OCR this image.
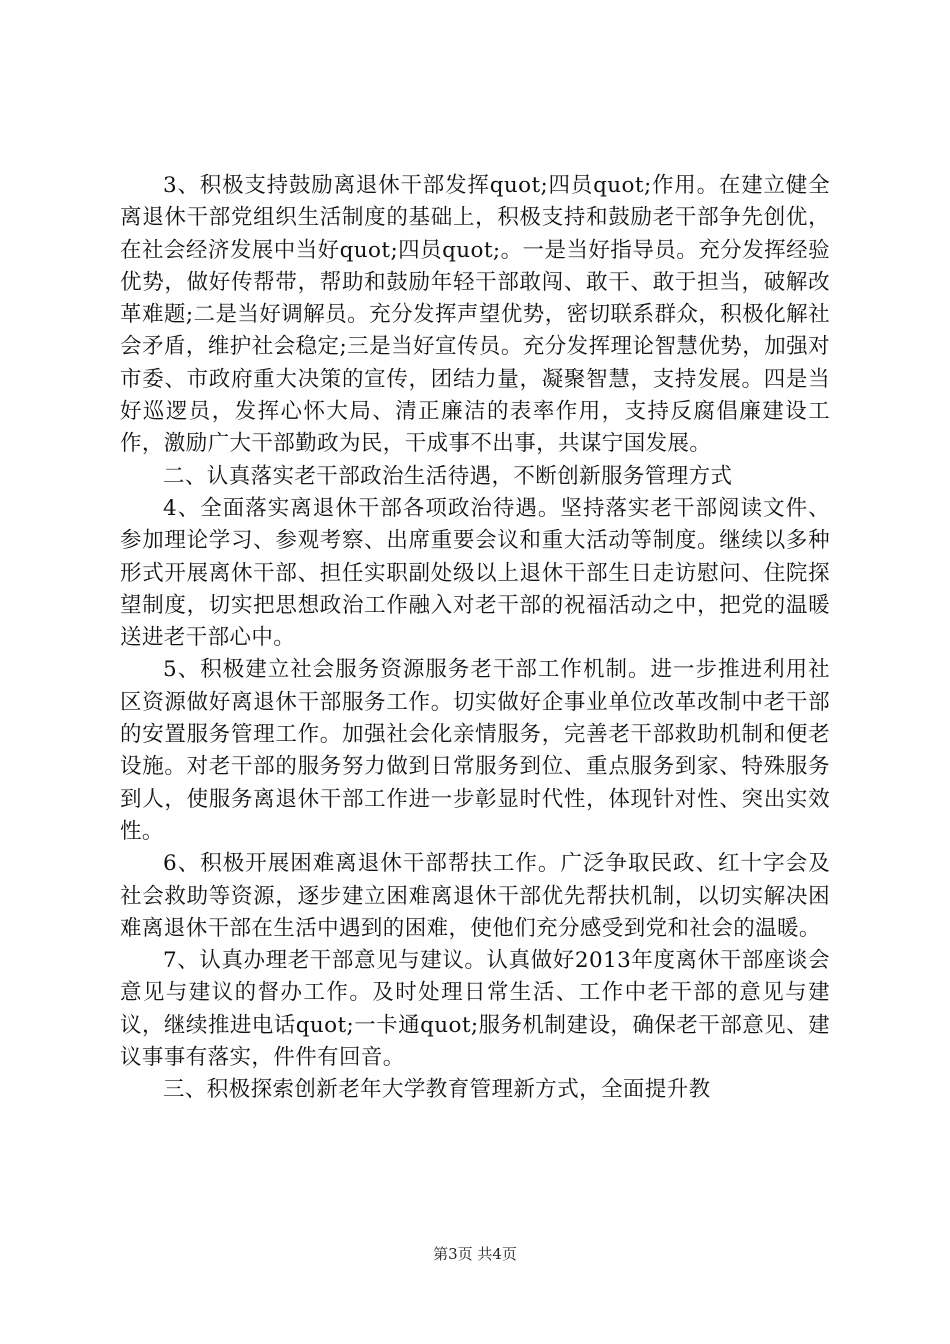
3、积极支持鼓励离退休干部发挥quot;四员quot;作用。在建立健全离退休干部党组织生活制度的基础上，积极支持和鼓励老干部争先创优，在社会经济发展中当好quot;四员quot;。一是当好指导员。充分发挥经验优势，做好传帮带，帮助和鼓励年轻干部敢闯、敢干、敢于担当，破解改革难题;二是当好调解员。充分发挥声望优势，密切联系群众，积极化解社会矛盾，维护社会稳定;三是当好宣传员。充分发挥理论智慧优势，加强对市委、市政府重大决策的宣传，团结力量，凝聚智慧，支持发展。四是当好巡逻员，发挥心怀大局、清正廉洁的表率作用，支持反腐倡廉建设工作，激励广大干部勤政为民，干成事不出事，共谋宁国发展。

二、认真落实老干部政治生活待遇，不断创新服务管理方式

4、全面落实离退休干部各项政治待遇。坚持落实老干部阅读文件、参加理论学习、参观考察、出席重要会议和重大活动等制度。继续以多种形式开展离休干部、担任实职副处级以上退休干部生日走访慰问、住院探望制度，切实把思想政治工作融入对老干部的祝福活动之中，把党的温暖送进老干部心中。

5、积极建立社会服务资源服务老干部工作机制。进一步推进利用社区资源做好离退休干部服务工作。切实做好企事业单位改革改制中老干部的安置服务管理工作。加强社会化亲情服务，完善老干部救助机制和便老设施。对老干部的服务努力做到日常服务到位、重点服务到家、特殊服务到人，使服务离退休干部工作进一步彰显时代性，体现针对性、突出实效性。

6、积极开展困难离退休干部帮扶工作。广泛争取民政、红十字会及社会救助等资源，逐步建立困难离退休干部优先帮扶机制，以切实解决困难离退休干部在生活中遇到的困难，使他们充分感受到党和社会的温暖。

7、认真办理老干部意见与建议。认真做好2013年度离休干部座谈会意见与建议的督办工作。及时处理日常生活、工作中老干部的意见与建议，继续推进电话quot;一卡通quot;服务机制建设，确保老干部意见、建议事事有落实，件件有回音。

三、积极探索创新老年大学教育管理新方式，全面提升教

第3页 共4页
